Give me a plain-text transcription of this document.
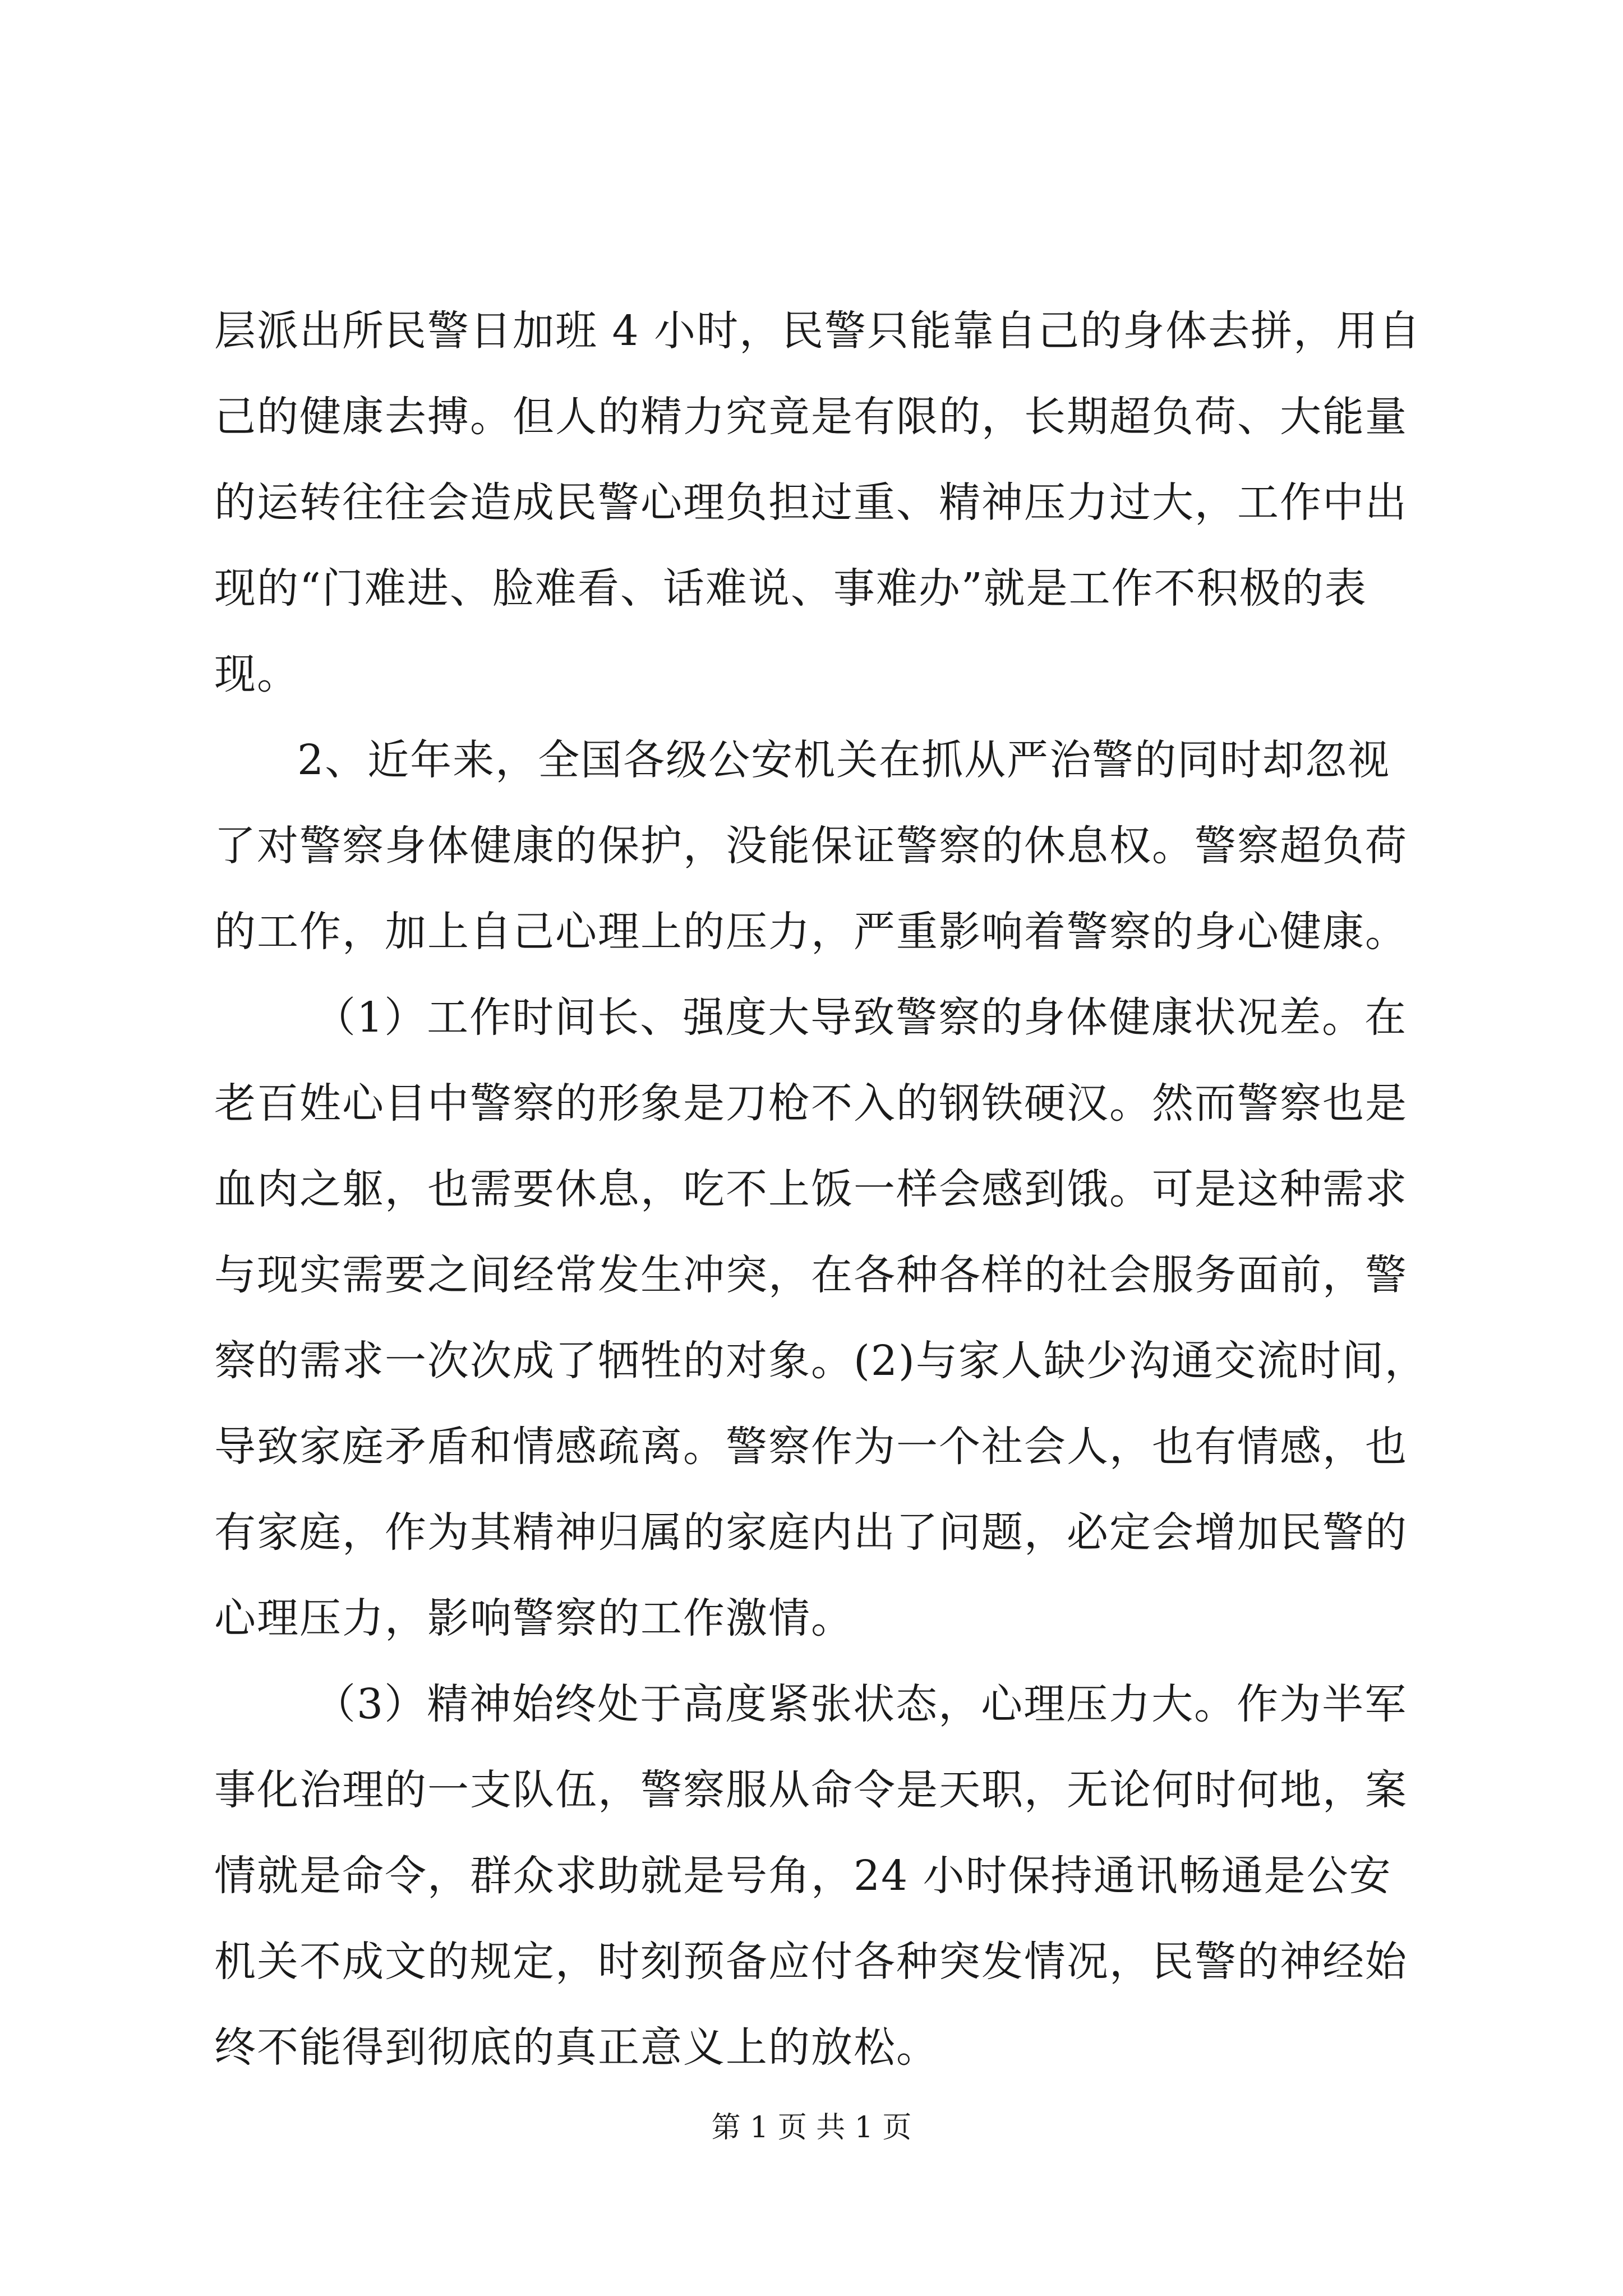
层派出所民警日加班 4 小时，民警只能靠自己的身体去拼，用自
己的健康去搏。但人的精力究竟是有限的，长期超负荷、大能量
的运转往往会造成民警心理负担过重、精神压力过大，工作中出
现的“门难进、脸难看、话难说、事难办”就是工作不积极的表
现。
2、近年来，全国各级公安机关在抓从严治警的同时却忽视
了对警察身体健康的保护，没能保证警察的休息权。警察超负荷
的工作，加上自己心理上的压力，严重影响着警察的身心健康。
（1）工作时间长、强度大导致警察的身体健康状况差。在
老百姓心目中警察的形象是刀枪不入的钢铁硬汉。然而警察也是
血肉之躯，也需要休息，吃不上饭一样会感到饿。可是这种需求
与现实需要之间经常发生冲突，在各种各样的社会服务面前，警
察的需求一次次成了牺牲的对象。(2)与家人缺少沟通交流时间，
导致家庭矛盾和情感疏离。警察作为一个社会人，也有情感，也
有家庭，作为其精神归属的家庭内出了问题，必定会增加民警的
心理压力，影响警察的工作激情。
（3）精神始终处于高度紧张状态，心理压力大。作为半军
事化治理的一支队伍，警察服从命令是天职，无论何时何地，案
情就是命令，群众求助就是号角，24 小时保持通讯畅通是公安
机关不成文的规定，时刻预备应付各种突发情况，民警的神经始
终不能得到彻底的真正意义上的放松。
第 1 页 共 1 页
